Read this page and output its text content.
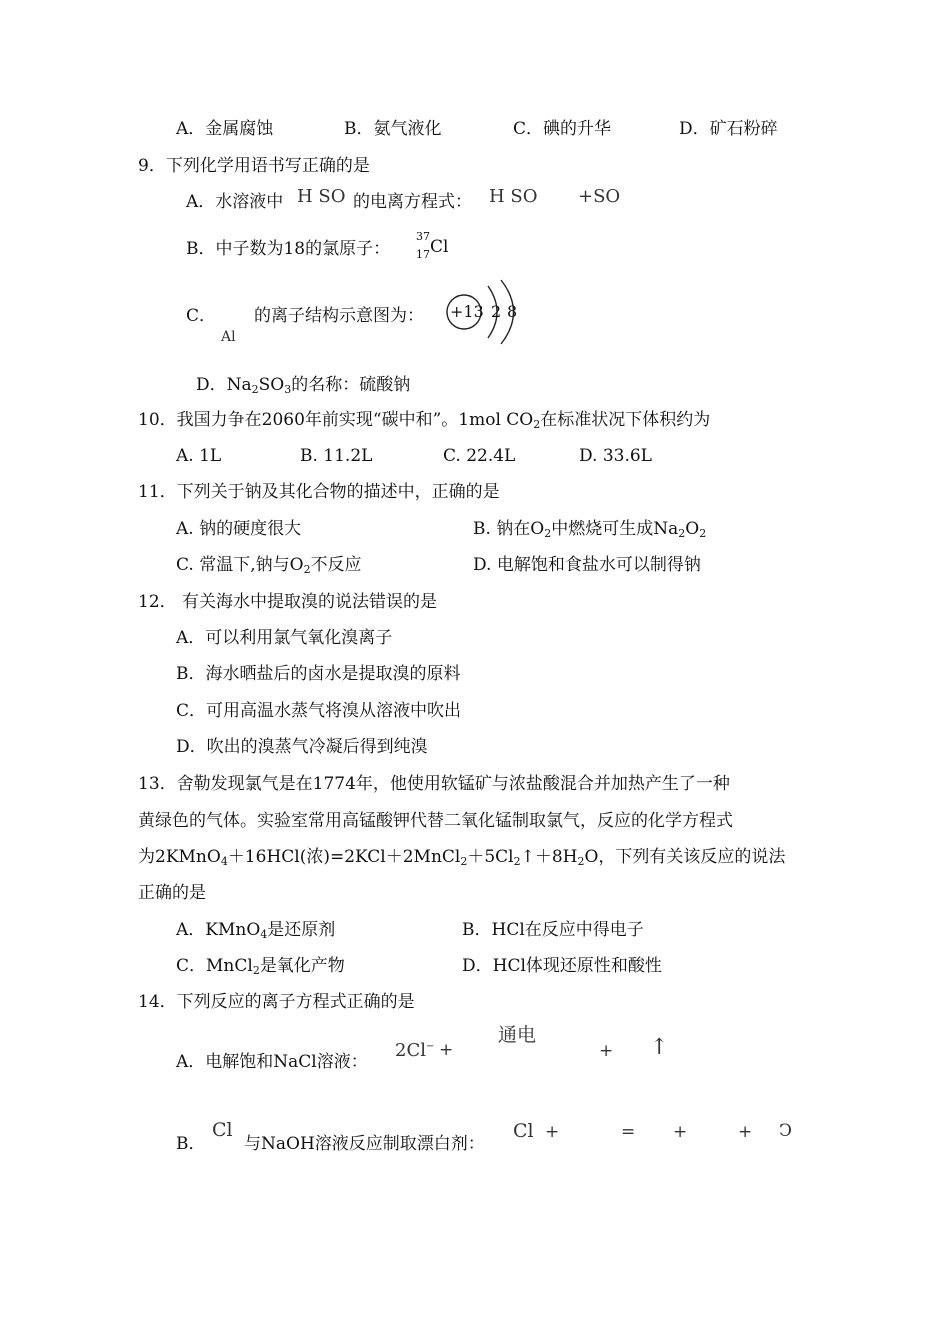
A．金属腐蚀	B．氨气液化	C．碘的升华	D．矿石粉碎
9．下列化学用语书写正确的是
A．水溶液中 H SO 的电离方程式： H SO +SO
B．中子数为18的氯原子：
37
17 Cl
C．
Al
的离子结构示意图为： +13 2 8
D．$Na_2SO_3$的名称：硫酸钠
10．我国力争在2060年前实现“碳中和”。1mol $CO_2$在标准状况下体积约为
A. 1L	B. 11.2L	C. 22.4L	D. 33.6L
11．下列关于钠及其化合物的描述中，正确的是
A. 钠的硬度很大	B. 钠在$O_2$中燃烧可生成$Na_2O_2$
C. 常温下,钠与$O_2$不反应	D. 电解饱和食盐水可以制得钠
12． 有关海水中提取溴的说法错误的是
A．可以利用氯气氧化溴离子
B．海水晒盐后的卤水是提取溴的原料
C．可用高温水蒸气将溴从溶液中吹出
D．吹出的溴蒸气冷凝后得到纯溴
13．舍勒发现氯气是在1774年，他使用软锰矿与浓盐酸混合并加热产生了一种
黄绿色的气体。实验室常用高锰酸钾代替二氧化锰制取氯气，反应的化学方程式
为2KMnO$_4$＋16HCl(浓)$=2KCl+2MnCl_2+5Cl_2↑+8H_2O$，下列有关该反应的说法
正确的是
A．KMnO$_4$是还原剂	B．HCl在反应中得电子
C．MnCl$_2$是氧化产物	D．HCl体现还原性和酸性
14．下列反应的离子方程式正确的是
A．电解饱和NaCl溶液：
2Cl− +
通电
+ ↑
B．
Cl
与NaOH溶液反应制取漂白剂：
Cl +	= +	+ Ↄ
